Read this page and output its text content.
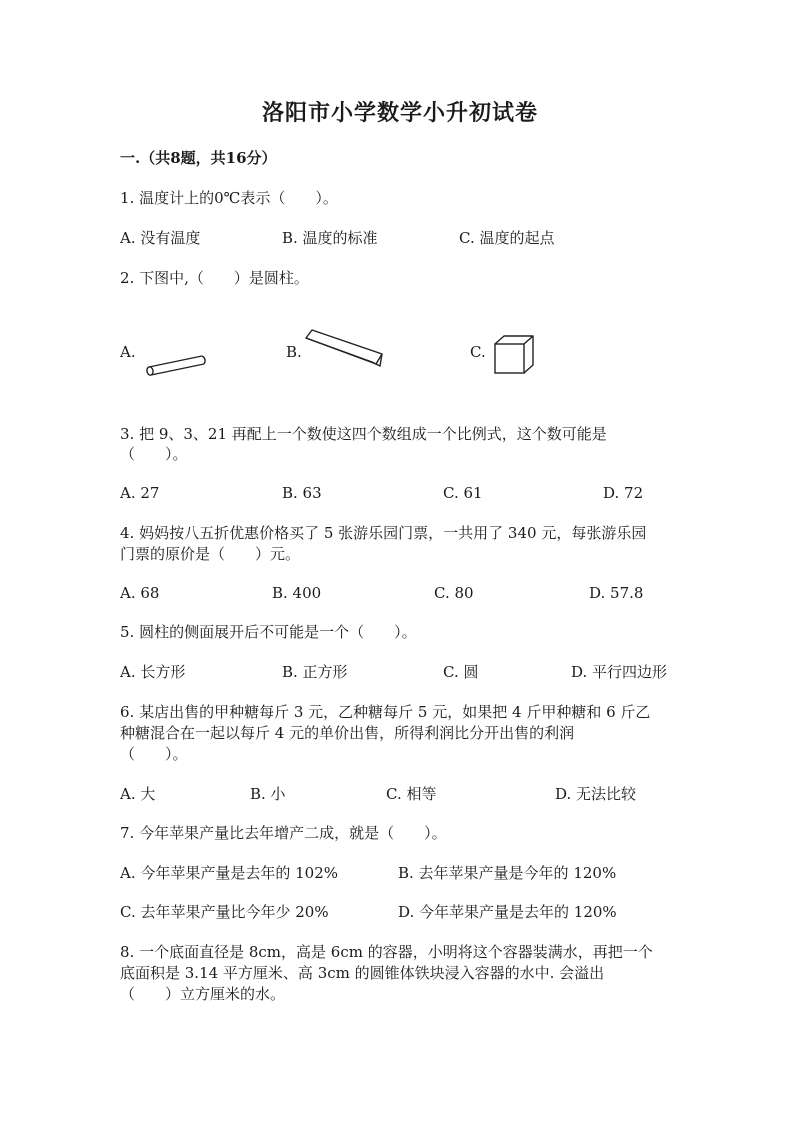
洛阳市小学数学小升初试卷
一.（共8题，共16分）
1. 温度计上的0℃表示（　　）。
A. 没有温度	B. 温度的标准	C. 温度的起点
2. 下图中,（　　）是圆柱。
A.	B.	C.
3. 把 9、3、21 再配上一个数使这四个数组成一个比例式，这个数可能是
（　　）。
A. 27	B. 63	C. 61	D. 72
4. 妈妈按八五折优惠价格买了 5 张游乐园门票，一共用了 340 元，每张游乐园
门票的原价是（　　）元。
A. 68	B. 400	C. 80	D. 57.8
5. 圆柱的侧面展开后不可能是一个（　　）。
A. 长方形	B. 正方形	C. 圆	D. 平行四边形
6. 某店出售的甲种糖每斤 3 元，乙种糖每斤 5 元，如果把 4 斤甲种糖和 6 斤乙
种糖混合在一起以每斤 4 元的单价出售，所得利润比分开出售的利润
（　　）。
A. 大	B. 小	C. 相等	D. 无法比较
7. 今年苹果产量比去年增产二成，就是（　　）。
A. 今年苹果产量是去年的 102%	B. 去年苹果产量是今年的 120%
C. 去年苹果产量比今年少 20%	D. 今年苹果产量是去年的 120%
8. 一个底面直径是 8cm，高是 6cm 的容器，小明将这个容器装满水，再把一个
底面积是 3.14 平方厘米、高 3cm 的圆锥体铁块浸入容器的水中. 会溢出
（　　）立方厘米的水。
